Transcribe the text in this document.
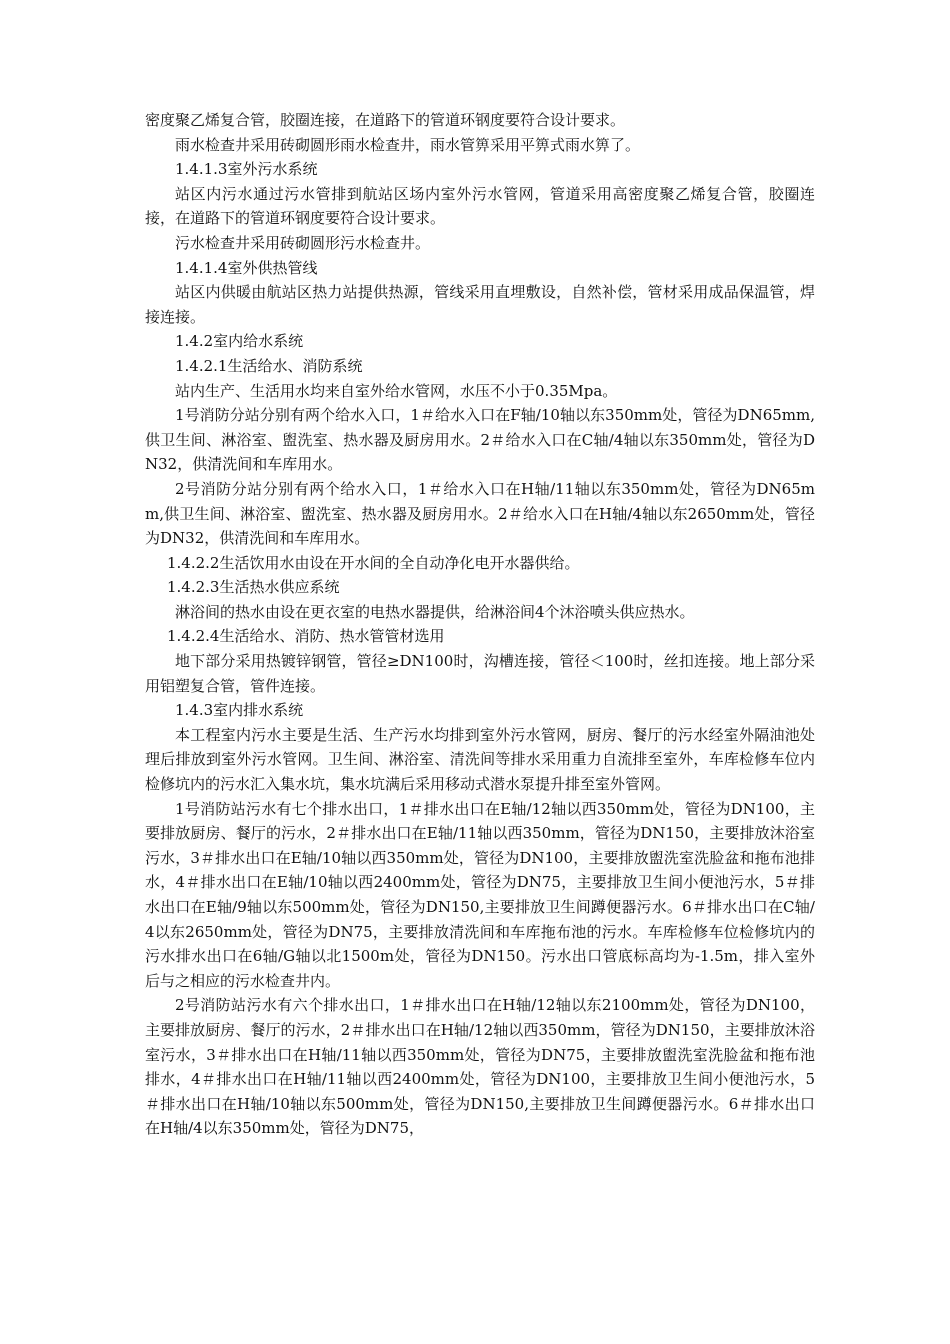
密度聚乙烯复合管，胶圈连接，在道路下的管道环钢度要符合设计要求。

雨水检查井采用砖砌圆形雨水检查井，雨水管箅采用平箅式雨水箅了。

1.4.1.3室外污水系统

站区内污水通过污水管排到航站区场内室外污水管网，管道采用高密度聚乙烯复合管，胶圈连接，在道路下的管道环钢度要符合设计要求。

污水检查井采用砖砌圆形污水检查井。

1.4.1.4室外供热管线

站区内供暖由航站区热力站提供热源，管线采用直埋敷设，自然补偿，管材采用成品保温管，焊接连接。

1.4.2室内给水系统

1.4.2.1生活给水、消防系统

站内生产、生活用水均来自室外给水管网，水压不小于0.35Mpa。

1号消防分站分别有两个给水入口，1＃给水入口在F轴/10轴以东350mm处，管径为DN65mm,供卫生间、淋浴室、盥洗室、热水器及厨房用水。2＃给水入口在C轴/4轴以东350mm处，管径为DN32，供清洗间和车库用水。

2号消防分站分别有两个给水入口，1＃给水入口在H轴/11轴以东350mm处，管径为DN65mm,供卫生间、淋浴室、盥洗室、热水器及厨房用水。2＃给水入口在H轴/4轴以东2650mm处，管径为DN32，供清洗间和车库用水。

1.4.2.2生活饮用水由设在开水间的全自动净化电开水器供给。

1.4.2.3生活热水供应系统

淋浴间的热水由设在更衣室的电热水器提供，给淋浴间4个沐浴喷头供应热水。

1.4.2.4生活给水、消防、热水管管材选用

地下部分采用热镀锌钢管，管径≥DN100时，沟槽连接，管径＜100时，丝扣连接。地上部分采用铝塑复合管，管件连接。

1.4.3室内排水系统

本工程室内污水主要是生活、生产污水均排到室外污水管网，厨房、餐厅的污水经室外隔油池处理后排放到室外污水管网。卫生间、淋浴室、清洗间等排水采用重力自流排至室外，车库检修车位内检修坑内的污水汇入集水坑，集水坑满后采用移动式潜水泵提升排至室外管网。

1号消防站污水有七个排水出口，1＃排水出口在E轴/12轴以西350mm处，管径为DN100，主要排放厨房、餐厅的污水，2＃排水出口在E轴/11轴以西350mm，管径为DN150，主要排放沐浴室污水，3＃排水出口在E轴/10轴以西350mm处，管径为DN100，主要排放盥洗室洗脸盆和拖布池排水，4＃排水出口在E轴/10轴以西2400mm处，管径为DN75，主要排放卫生间小便池污水，5＃排水出口在E轴/9轴以东500mm处，管径为DN150,主要排放卫生间蹲便器污水。6＃排水出口在C轴/4以东2650mm处，管径为DN75，主要排放清洗间和车库拖布池的污水。车库检修车位检修坑内的污水排水出口在6轴/G轴以北1500m处，管径为DN150。污水出口管底标高均为-1.5m，排入室外后与之相应的污水检查井内。

2号消防站污水有六个排水出口，1＃排水出口在H轴/12轴以东2100mm处，管径为DN100，主要排放厨房、餐厅的污水，2＃排水出口在H轴/12轴以西350mm，管径为DN150，主要排放沐浴室污水，3＃排水出口在H轴/11轴以西350mm处，管径为DN75，主要排放盥洗室洗脸盆和拖布池排水，4＃排水出口在H轴/11轴以西2400mm处，管径为DN100，主要排放卫生间小便池污水，5＃排水出口在H轴/10轴以东500mm处，管径为DN150,主要排放卫生间蹲便器污水。6＃排水出口在H轴/4以东350mm处，管径为DN75，
